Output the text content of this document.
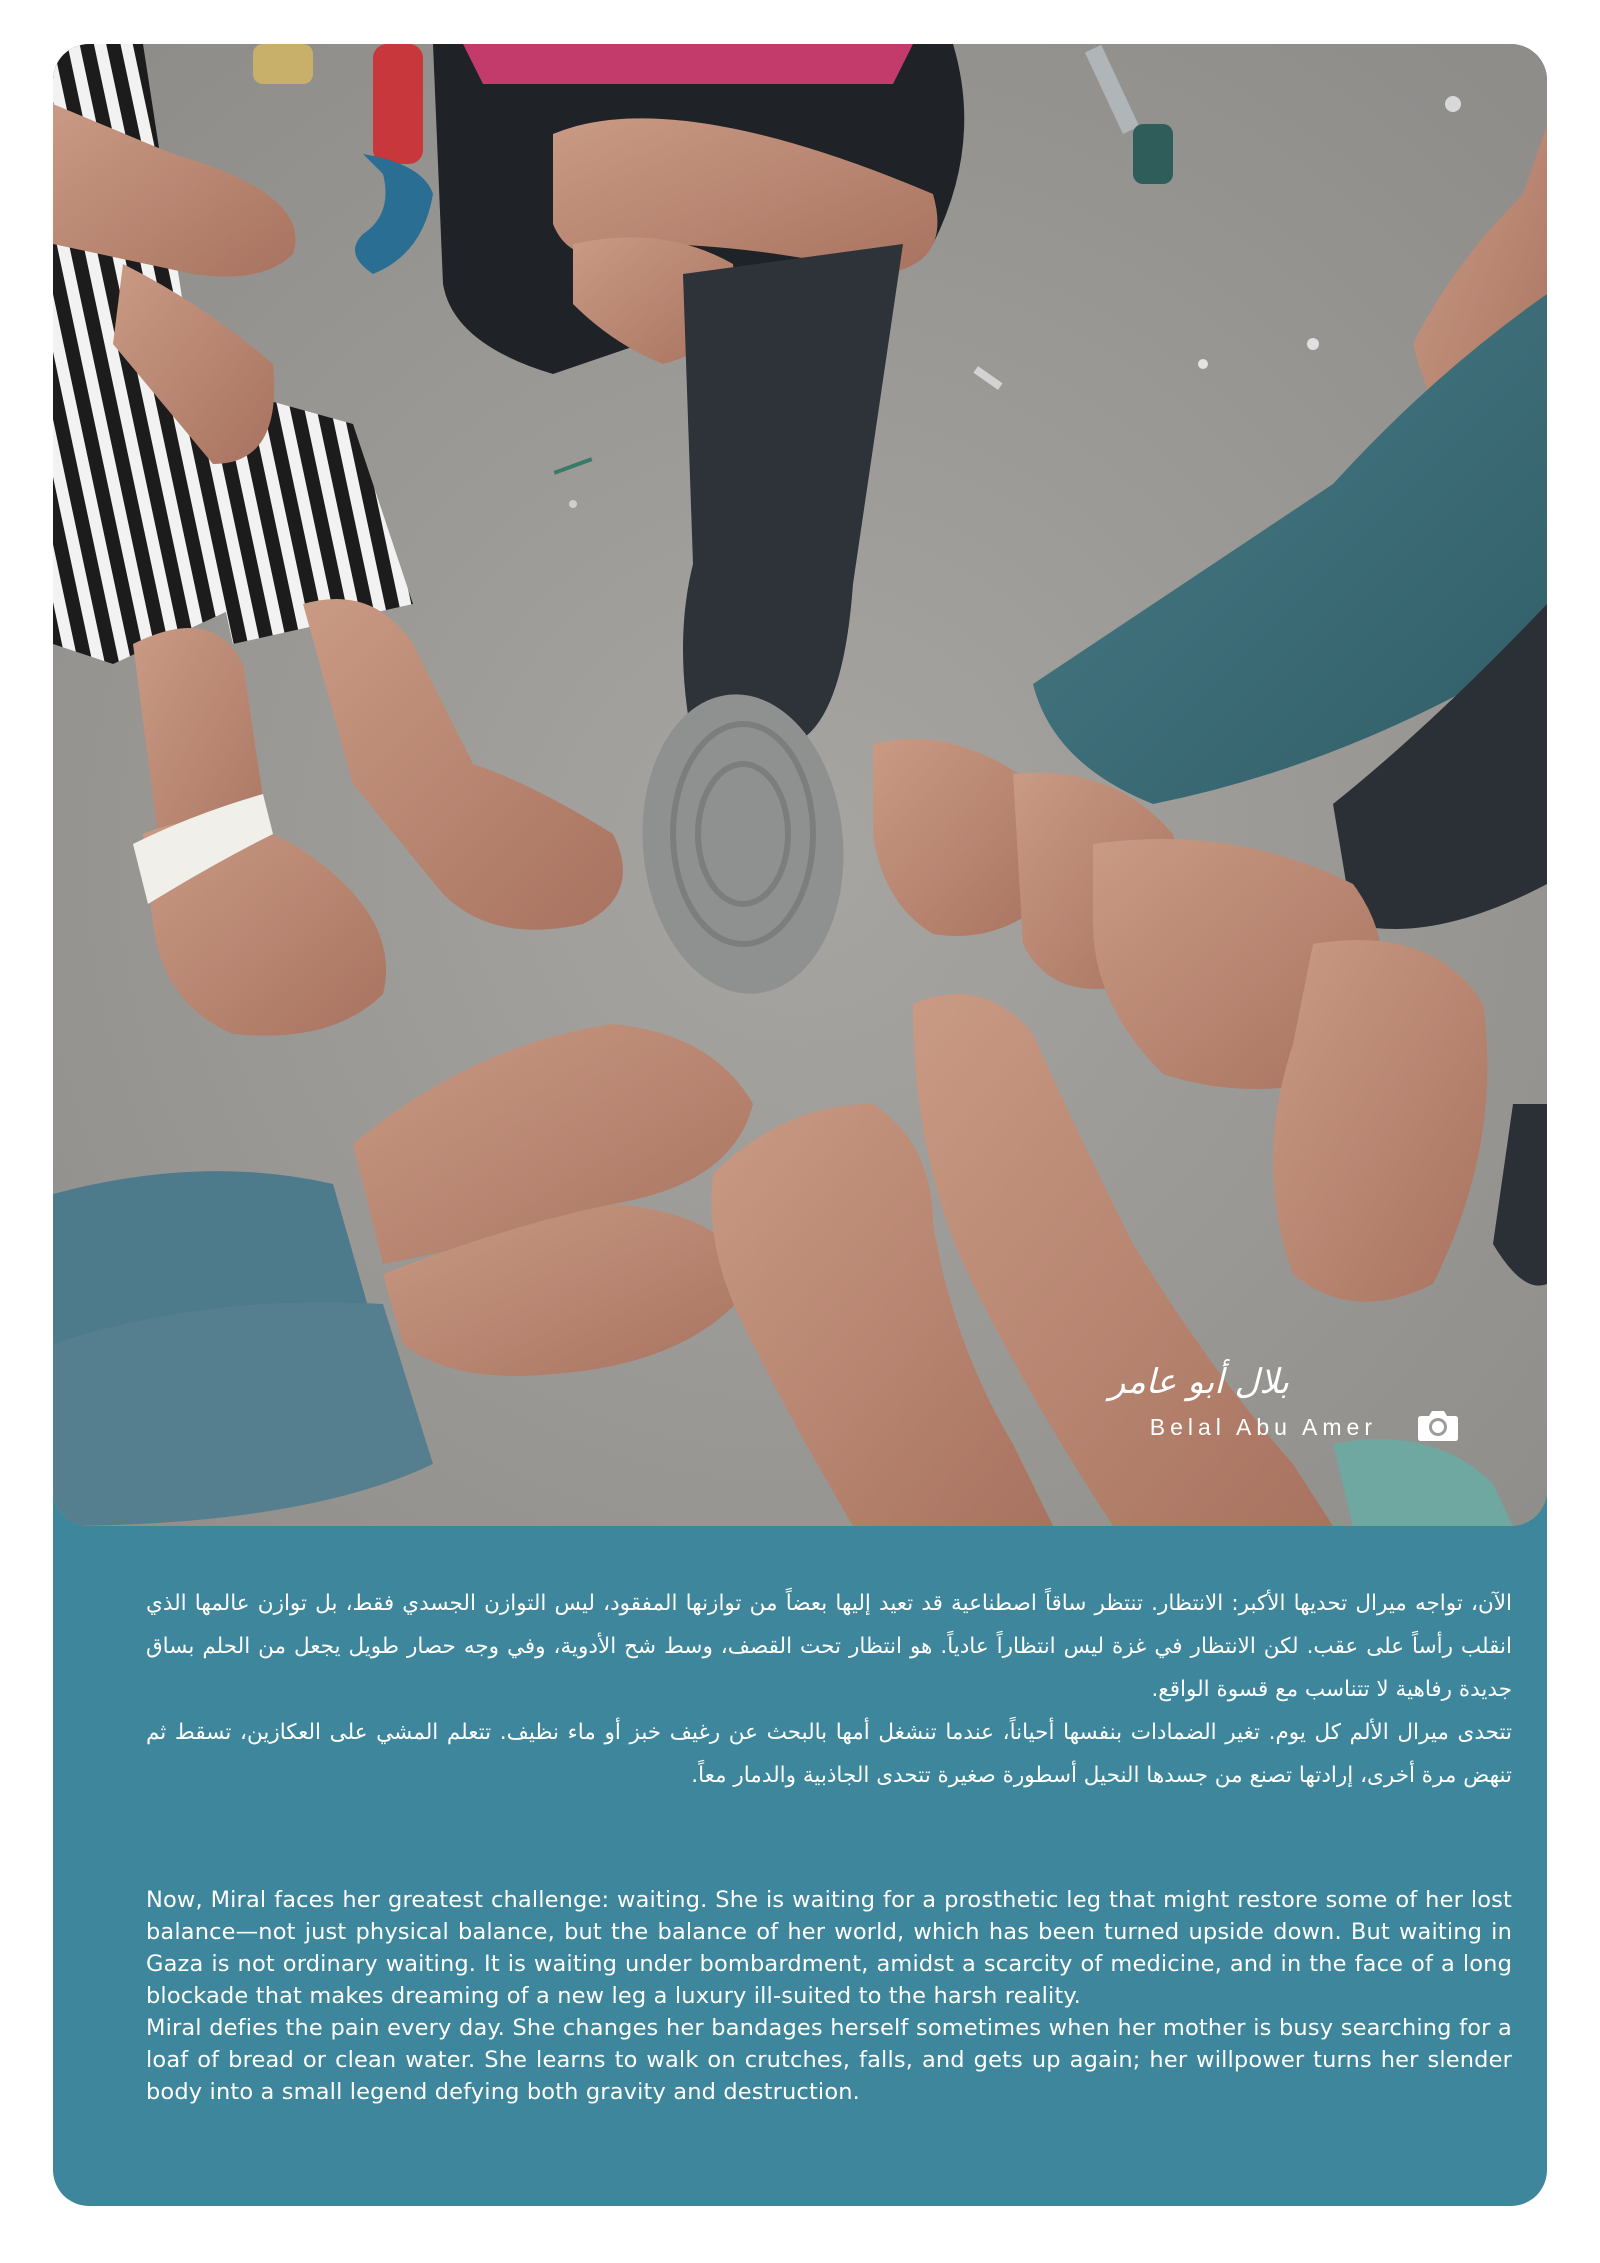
بلال أبو عامر
Belal Abu Amer

الآن، تواجه ميرال تحديها الأكبر: الانتظار. تنتظر ساقاً اصطناعية قد تعيد إليها بعضاً من توازنها المفقود، ليس التوازن الجسدي فقط، بل توازن عالمها الذي انقلب رأساً على عقب. لكن الانتظار في غزة ليس انتظاراً عادياً. هو انتظار تحت القصف، وسط شح الأدوية، وفي وجه حصار طويل يجعل من الحلم بساق جديدة رفاهية لا تتناسب مع قسوة الواقع.

تتحدى ميرال الألم كل يوم. تغير الضمادات بنفسها أحياناً، عندما تنشغل أمها بالبحث عن رغيف خبز أو ماء نظيف. تتعلم المشي على العكازين، تسقط ثم تنهض مرة أخرى، إرادتها تصنع من جسدها النحيل أسطورة صغيرة تتحدى الجاذبية والدمار معاً.

Now, Miral faces her greatest challenge: waiting. She is waiting for a prosthetic leg that might restore some of her lost balance—not just physical balance, but the balance of her world, which has been turned upside down. But waiting in Gaza is not ordinary waiting. It is waiting under bombardment, amidst a scarcity of medicine, and in the face of a long blockade that makes dreaming of a new leg a luxury ill-suited to the harsh reality.

Miral defies the pain every day. She changes her bandages herself sometimes when her mother is busy searching for a loaf of bread or clean water. She learns to walk on crutches, falls, and gets up again; her willpower turns her slender body into a small legend defying both gravity and destruction.
